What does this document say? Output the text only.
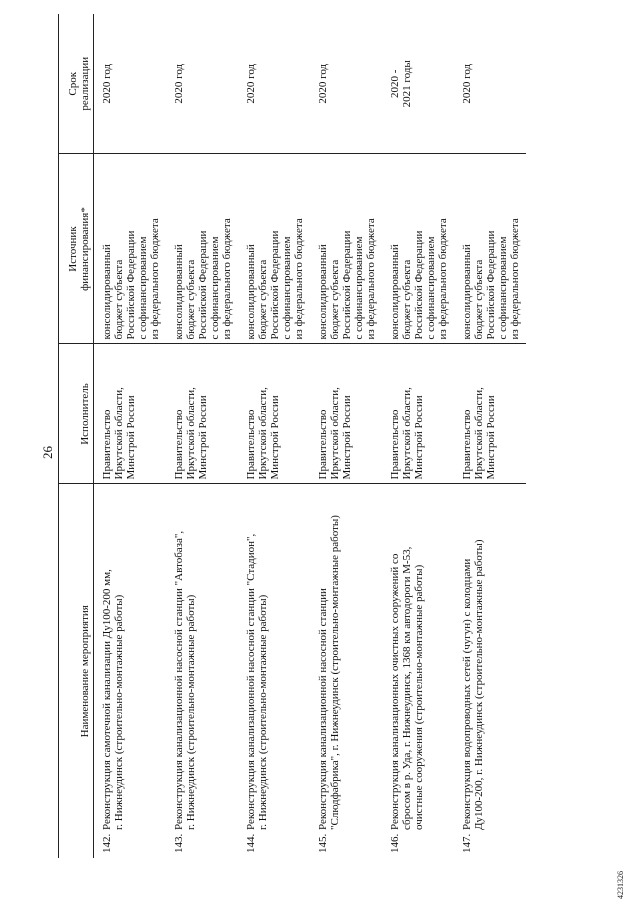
26
Наименование мероприятия	Исполнитель	Источник
финансирования*	Срок
реализации

142.
Реконструкция самотечной канализации Ду100-200 мм,
г. Нижнеудинск (строительно-монтажные работы)	Правительство
Иркутской области,
Минстрой России	консолидированный
бюджет субъекта
Российской Федерации
с софинансированием
из федерального бюджета	2020 год

143.
Реконструкция канализационной насосной станции "Автобаза",
г. Нижнеудинск (строительно-монтажные работы)	Правительство
Иркутской области,
Минстрой России	консолидированный
бюджет субъекта
Российской Федерации
с софинансированием
из федерального бюджета	2020 год

144.
Реконструкция канализационной насосной станции "Стадион",
г. Нижнеудинск (строительно-монтажные работы)	Правительство
Иркутской области,
Минстрой России	консолидированный
бюджет субъекта
Российской Федерации
с софинансированием
из федерального бюджета	2020 год

145.
Реконструкция канализационной насосной станции
"Слюдфабрика", г. Нижнеудинск (строительно-монтажные работы)	Правительство
Иркутской области,
Минстрой России	консолидированный
бюджет субъекта
Российской Федерации
с софинансированием
из федерального бюджета	2020 год

146.
Реконструкция канализационных очистных сооружений со
сбросом в р. Уда, г. Нижнеудинск, 1368 км автодороги М-53,
очистные сооружения (строительно-монтажные работы)	Правительство
Иркутской области,
Минстрой России	консолидированный
бюджет субъекта
Российской Федерации
с софинансированием
из федерального бюджета	2020 -
2021 годы

147.
Реконструкция водопроводных сетей (чугун) с колодцами
Ду100-200, г. Нижнеудинск (строительно-монтажные работы)	Правительство
Иркутской области,
Минстрой России	консолидированный
бюджет субъекта
Российской Федерации
с софинансированием
из федерального бюджета	2020 год
4231326
